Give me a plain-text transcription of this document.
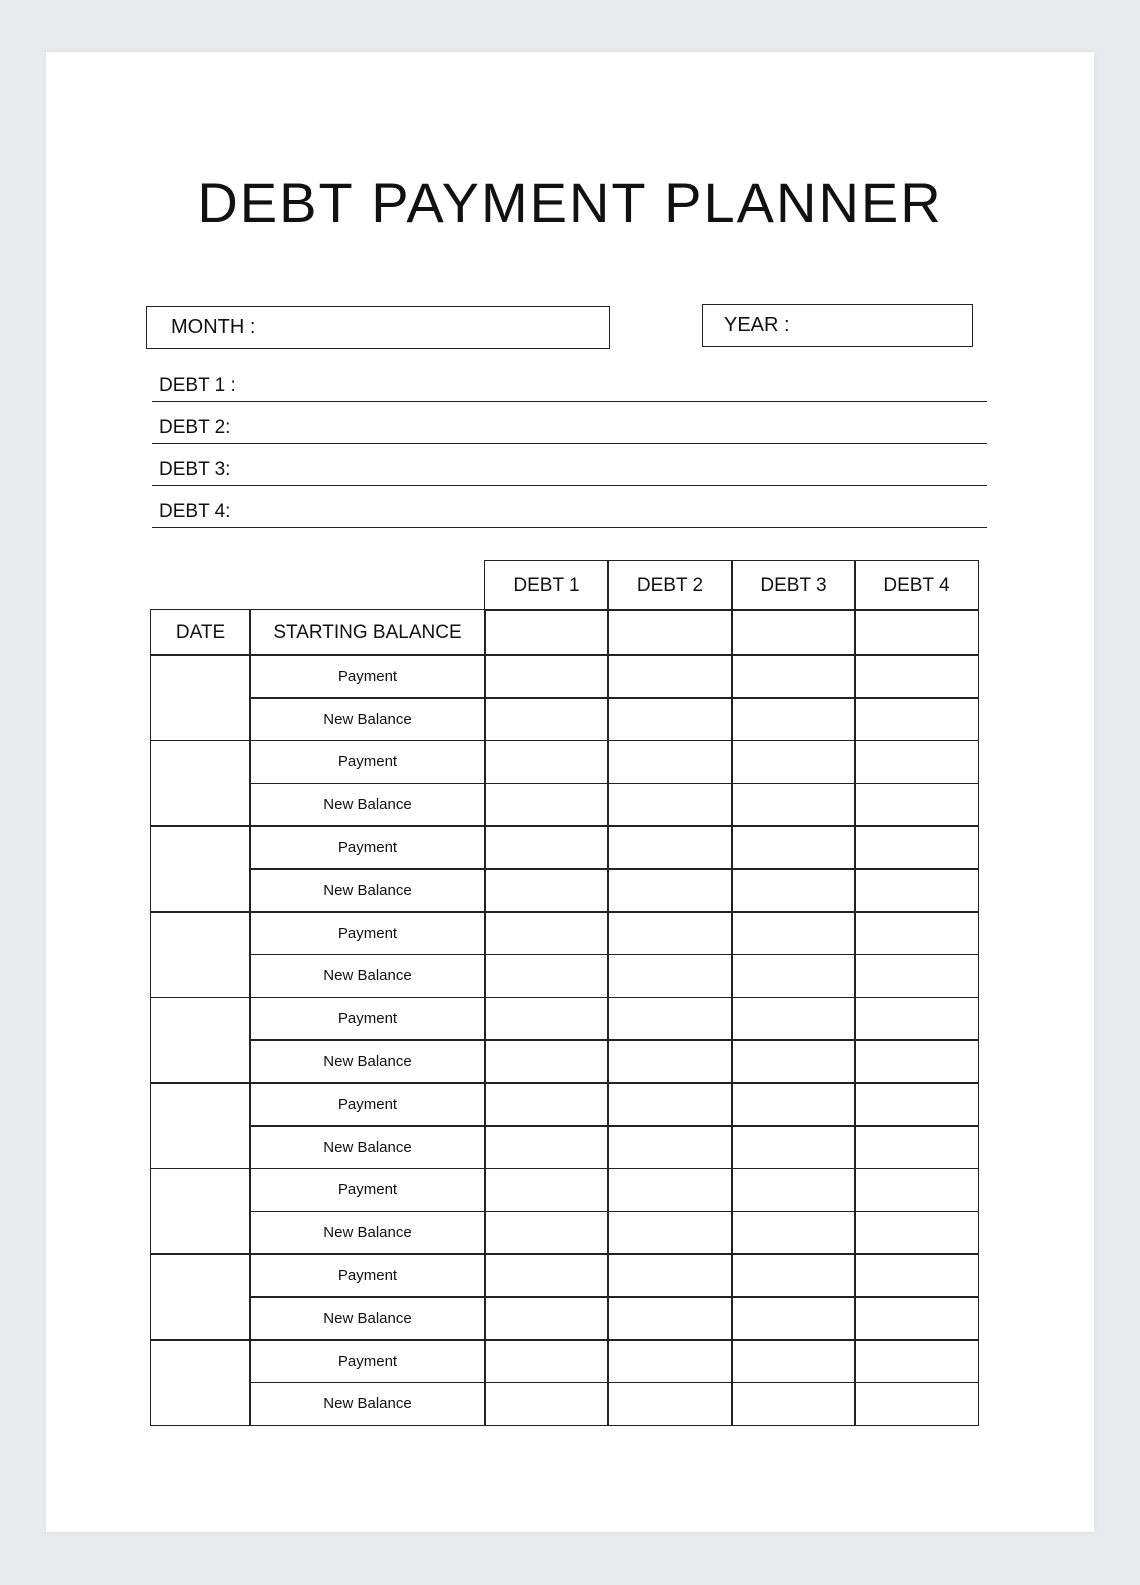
DEBT PAYMENT PLANNER
MONTH :	YEAR :
DEBT 1 :
DEBT 2:
DEBT 3:
DEBT 4:
DEBT 1	DEBT 2	DEBT 3	DEBT 4
DATE	STARTING BALANCE
Payment
New Balance
Payment
New Balance
Payment
New Balance
Payment
New Balance
Payment
New Balance
Payment
New Balance
Payment
New Balance
Payment
New Balance
Payment
New Balance
